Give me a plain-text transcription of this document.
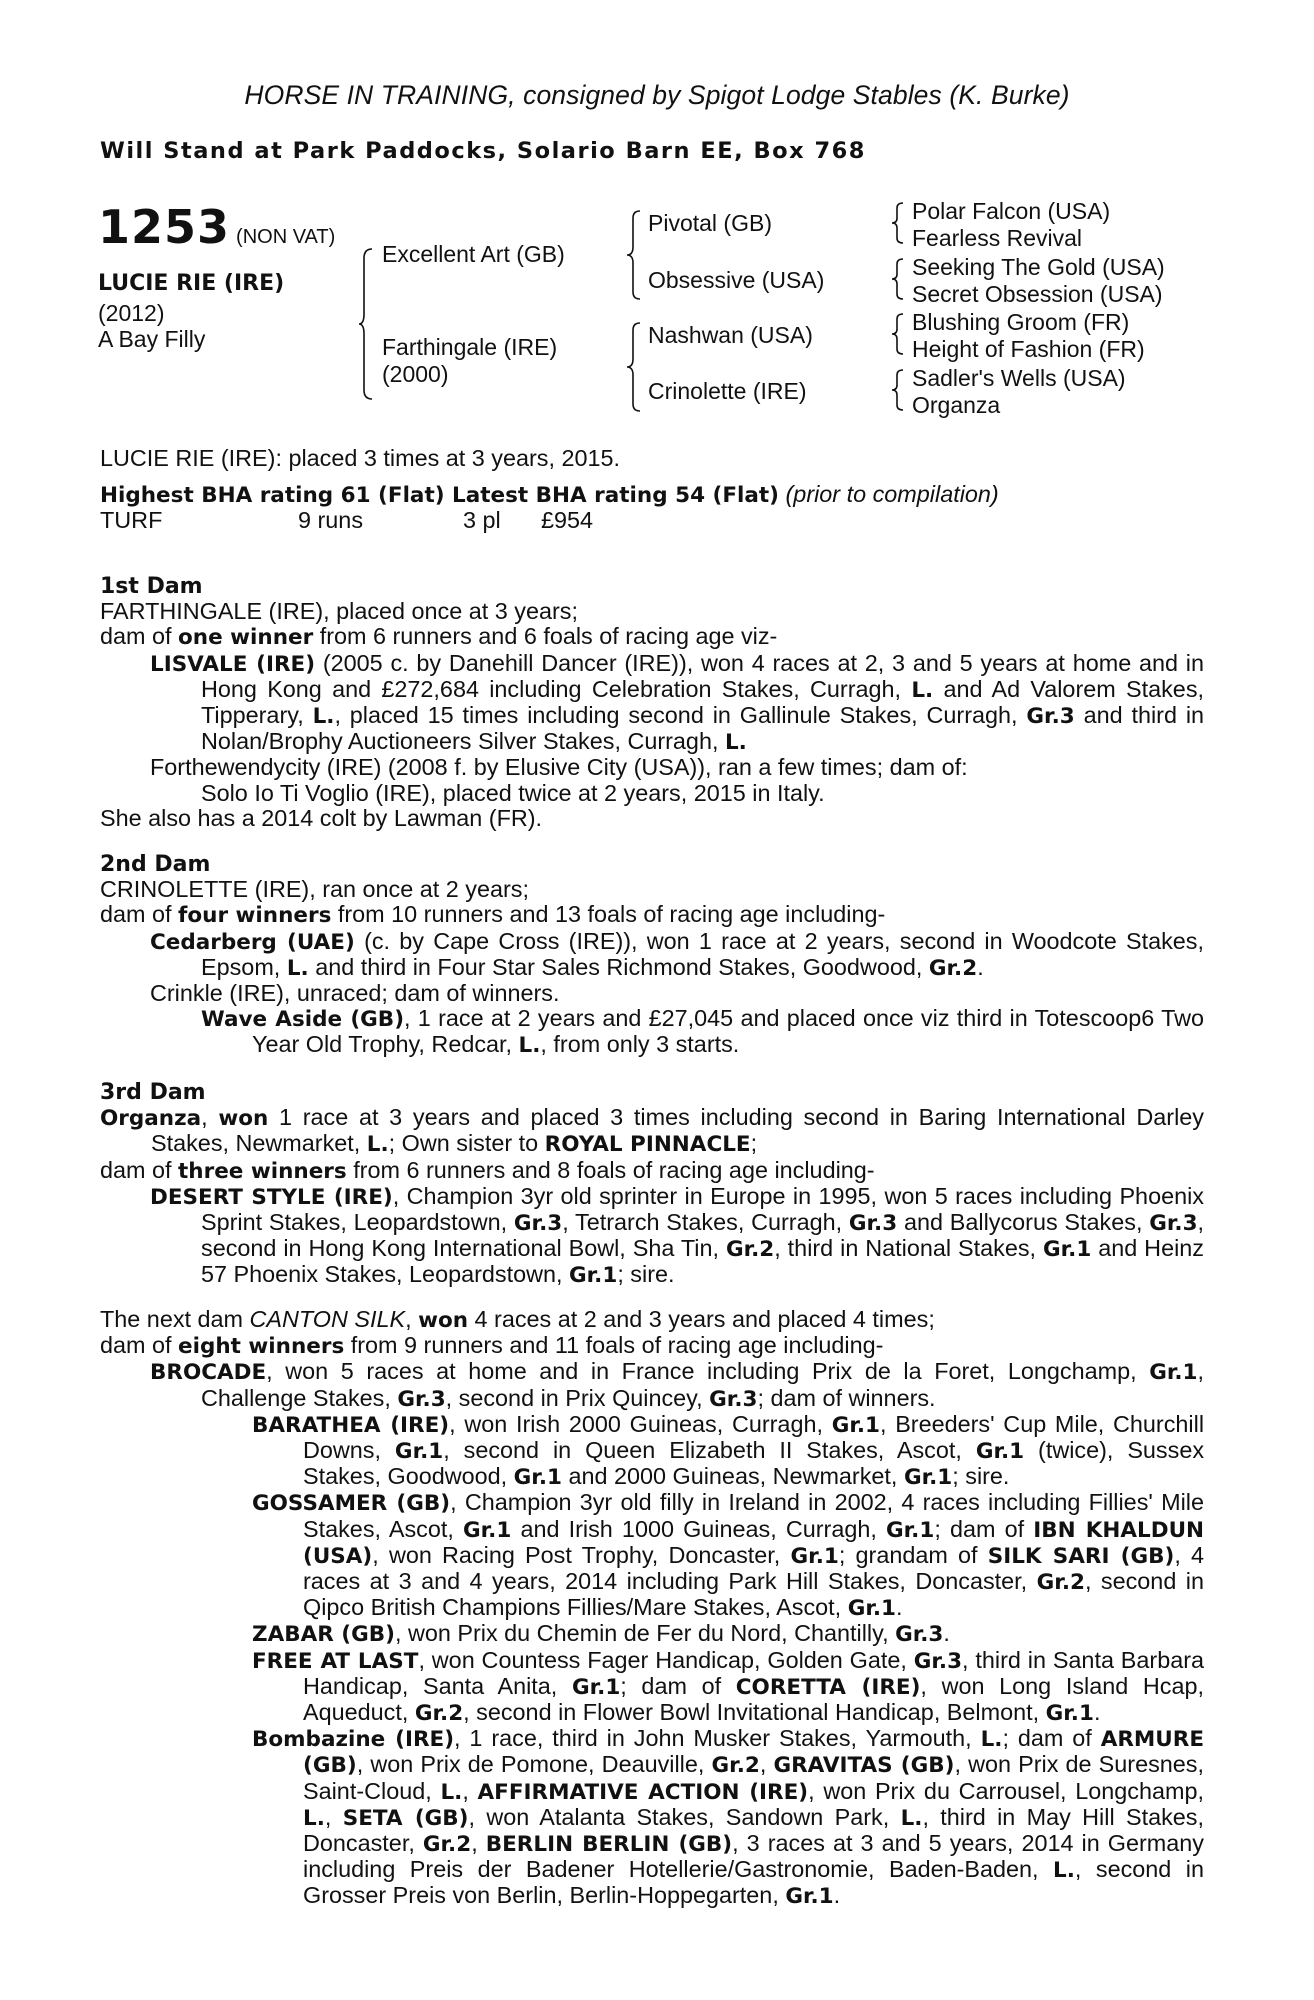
HORSE IN TRAINING, consigned by Spigot Lodge Stables (K. Burke)
Will Stand at Park Paddocks, Solario Barn EE, Box 768
1253 (NON VAT)
LUCIE RIE (IRE)
(2012)
A Bay Filly
Excellent Art (GB)
Farthingale (IRE)
(2000)
Pivotal (GB)
Obsessive (USA)
Nashwan (USA)
Crinolette (IRE)
Polar Falcon (USA)
Fearless Revival
Seeking The Gold (USA)
Secret Obsession (USA)
Blushing Groom (FR)
Height of Fashion (FR)
Sadler's Wells (USA)
Organza

LUCIE RIE (IRE): placed 3 times at 3 years, 2015.

Highest BHA rating 61 (Flat) Latest BHA rating 54 (Flat) (prior to compilation)

TURF	9 runs	3 pl £954

1st Dam

FARTHINGALE (IRE), placed once at 3 years;

dam of one winner from 6 runners and 6 foals of racing age viz-

LISVALE (IRE) (2005 c. by Danehill Dancer (IRE)), won 4 races at 2, 3 and 5 years at home and in Hong Kong and £272,684 including Celebration Stakes, Curragh, L. and Ad Valorem Stakes, Tipperary, L., placed 15 times including second in Gallinule Stakes, Curragh, Gr.3 and third in Nolan/Brophy Auctioneers Silver Stakes, Curragh, L.

Forthewendycity (IRE) (2008 f. by Elusive City (USA)), ran a few times; dam of:

Solo Io Ti Voglio (IRE), placed twice at 2 years, 2015 in Italy.

She also has a 2014 colt by Lawman (FR).

2nd Dam

CRINOLETTE (IRE), ran once at 2 years;

dam of four winners from 10 runners and 13 foals of racing age including-

Cedarberg (UAE) (c. by Cape Cross (IRE)), won 1 race at 2 years, second in Woodcote Stakes, Epsom, L. and third in Four Star Sales Richmond Stakes, Goodwood, Gr.2.

Crinkle (IRE), unraced; dam of winners.

Wave Aside (GB), 1 race at 2 years and £27,045 and placed once viz third in Totescoop6 Two Year Old Trophy, Redcar, L., from only 3 starts.

3rd Dam

Organza, won 1 race at 3 years and placed 3 times including second in Baring International Darley Stakes, Newmarket, L.; Own sister to ROYAL PINNACLE;

dam of three winners from 6 runners and 8 foals of racing age including-

DESERT STYLE (IRE), Champion 3yr old sprinter in Europe in 1995, won 5 races including Phoenix Sprint Stakes, Leopardstown, Gr.3, Tetrarch Stakes, Curragh, Gr.3 and Ballycorus Stakes, Gr.3, second in Hong Kong International Bowl, Sha Tin, Gr.2, third in National Stakes, Gr.1 and Heinz 57 Phoenix Stakes, Leopardstown, Gr.1; sire.

The next dam CANTON SILK, won 4 races at 2 and 3 years and placed 4 times;

dam of eight winners from 9 runners and 11 foals of racing age including-

BROCADE, won 5 races at home and in France including Prix de la Foret, Longchamp, Gr.1, Challenge Stakes, Gr.3, second in Prix Quincey, Gr.3; dam of winners.

BARATHEA (IRE), won Irish 2000 Guineas, Curragh, Gr.1, Breeders' Cup Mile, Churchill Downs, Gr.1, second in Queen Elizabeth II Stakes, Ascot, Gr.1 (twice), Sussex Stakes, Goodwood, Gr.1 and 2000 Guineas, Newmarket, Gr.1; sire.

GOSSAMER (GB), Champion 3yr old filly in Ireland in 2002, 4 races including Fillies' Mile Stakes, Ascot, Gr.1 and Irish 1000 Guineas, Curragh, Gr.1; dam of IBN KHALDUN (USA), won Racing Post Trophy, Doncaster, Gr.1; grandam of SILK SARI (GB), 4 races at 3 and 4 years, 2014 including Park Hill Stakes, Doncaster, Gr.2, second in Qipco British Champions Fillies/Mare Stakes, Ascot, Gr.1.

ZABAR (GB), won Prix du Chemin de Fer du Nord, Chantilly, Gr.3.

FREE AT LAST, won Countess Fager Handicap, Golden Gate, Gr.3, third in Santa Barbara Handicap, Santa Anita, Gr.1; dam of CORETTA (IRE), won Long Island Hcap, Aqueduct, Gr.2, second in Flower Bowl Invitational Handicap, Belmont, Gr.1.

Bombazine (IRE), 1 race, third in John Musker Stakes, Yarmouth, L.; dam of ARMURE (GB), won Prix de Pomone, Deauville, Gr.2, GRAVITAS (GB), won Prix de Suresnes, Saint-Cloud, L., AFFIRMATIVE ACTION (IRE), won Prix du Carrousel, Longchamp, L., SETA (GB), won Atalanta Stakes, Sandown Park, L., third in May Hill Stakes, Doncaster, Gr.2, BERLIN BERLIN (GB), 3 races at 3 and 5 years, 2014 in Germany including Preis der Badener Hotellerie/Gastronomie, Baden-Baden, L., second in Grosser Preis von Berlin, Berlin-Hoppegarten, Gr.1.
